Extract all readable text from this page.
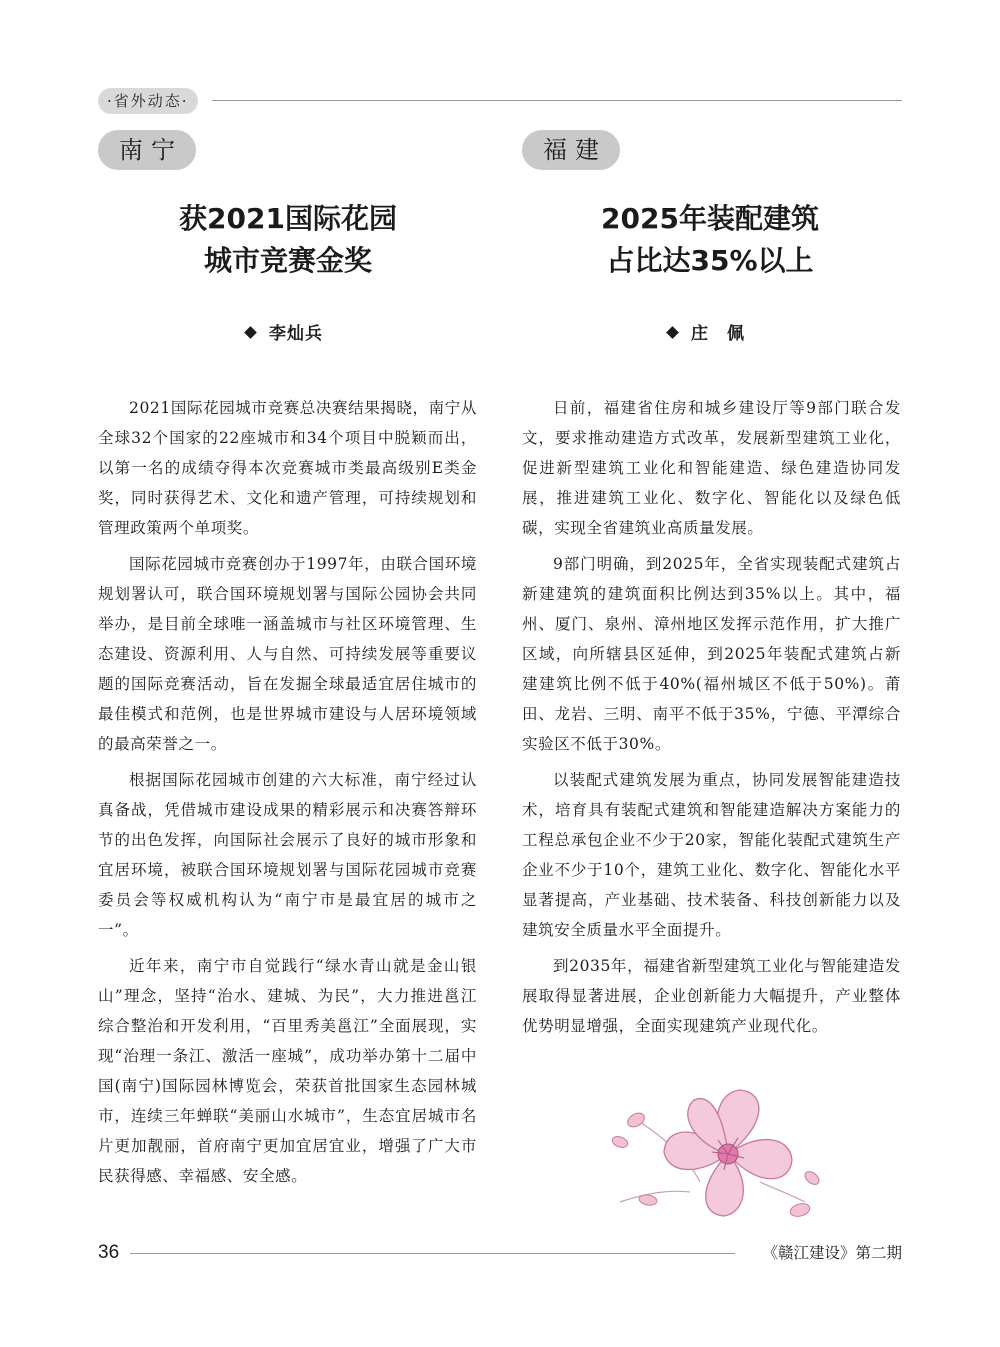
·省外动态·
南宁
获2021国际花园
城市竞赛金奖
李灿兵

2021国际花园城市竞赛总决赛结果揭晓，南宁从全球32个国家的22座城市和34个项目中脱颖而出，以第一名的成绩夺得本次竞赛城市类最高级别E类金奖，同时获得艺术、文化和遗产管理，可持续规划和管理政策两个单项奖。

国际花园城市竞赛创办于1997年，由联合国环境规划署认可，联合国环境规划署与国际公园协会共同举办，是目前全球唯一涵盖城市与社区环境管理、生态建设、资源利用、人与自然、可持续发展等重要议题的国际竞赛活动，旨在发掘全球最适宜居住城市的最佳模式和范例，也是世界城市建设与人居环境领域的最高荣誉之一。

根据国际花园城市创建的六大标准，南宁经过认真备战，凭借城市建设成果的精彩展示和决赛答辩环节的出色发挥，向国际社会展示了良好的城市形象和宜居环境，被联合国环境规划署与国际花园城市竞赛委员会等权威机构认为“南宁市是最宜居的城市之一”。

近年来，南宁市自觉践行“绿水青山就是金山银山”理念，坚持“治水、建城、为民”，大力推进邕江综合整治和开发利用，“百里秀美邕江”全面展现，实现“治理一条江、激活一座城”，成功举办第十二届中国(南宁)国际园林博览会，荣获首批国家生态园林城市，连续三年蝉联“美丽山水城市”，生态宜居城市名片更加靓丽，首府南宁更加宜居宜业，增强了广大市民获得感、幸福感、安全感。

福建
2025年装配建筑
占比达35%以上
庄　佩

日前，福建省住房和城乡建设厅等9部门联合发文，要求推动建造方式改革，发展新型建筑工业化，促进新型建筑工业化和智能建造、绿色建造协同发展，推进建筑工业化、数字化、智能化以及绿色低碳，实现全省建筑业高质量发展。

9部门明确，到2025年，全省实现装配式建筑占新建建筑的建筑面积比例达到35%以上。其中，福州、厦门、泉州、漳州地区发挥示范作用，扩大推广区域，向所辖县区延伸，到2025年装配式建筑占新建建筑比例不低于40%(福州城区不低于50%)。莆田、龙岩、三明、南平不低于35%，宁德、平潭综合实验区不低于30%。

以装配式建筑发展为重点，协同发展智能建造技术，培育具有装配式建筑和智能建造解决方案能力的工程总承包企业不少于20家，智能化装配式建筑生产企业不少于10个，建筑工业化、数字化、智能化水平显著提高，产业基础、技术装备、科技创新能力以及建筑安全质量水平全面提升。

到2035年，福建省新型建筑工业化与智能建造发展取得显著进展，企业创新能力大幅提升，产业整体优势明显增强，全面实现建筑产业现代化。

36	《赣江建设》第二期
